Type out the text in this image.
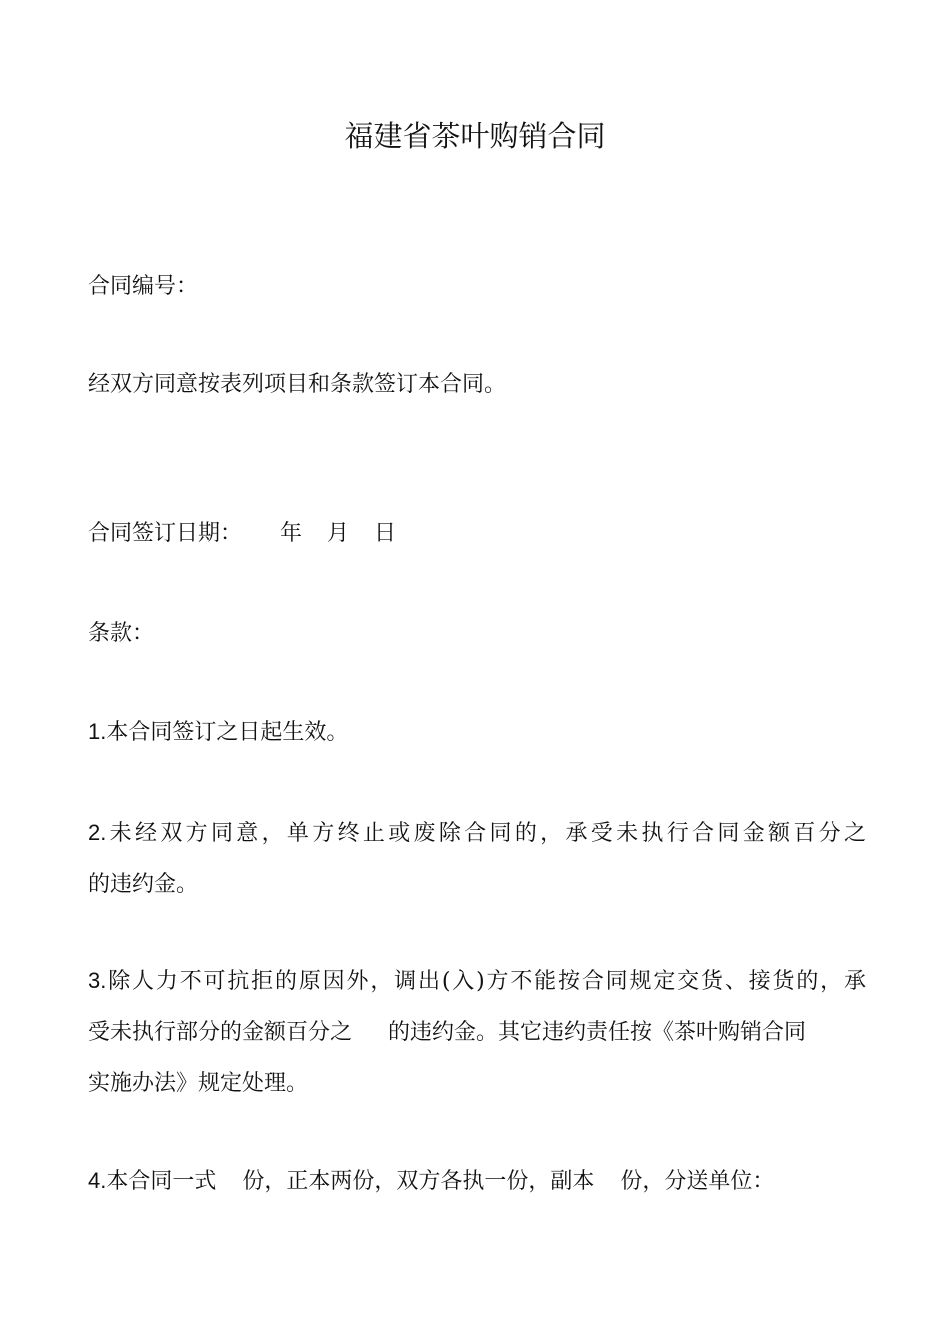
福建省茶叶购销合同
合同编号：
经双方同意按表列项目和条款签订本合同。
合同签订日期： 年 月 日
条款：
1.本合同签订之日起生效。
2.未经双方同意，单方终止或废除合同的，承受未执行合同金额百分之
的违约金。
3.除人力不可抗拒的原因外，调出(入)方不能按合同规定交货、接货的，承
受未执行部分的金额百分之 的违约金。其它违约责任按《茶叶购销合同
实施办法》规定处理。
4.本合同一式 份，正本两份，双方各执一份，副本 份，分送单位：
